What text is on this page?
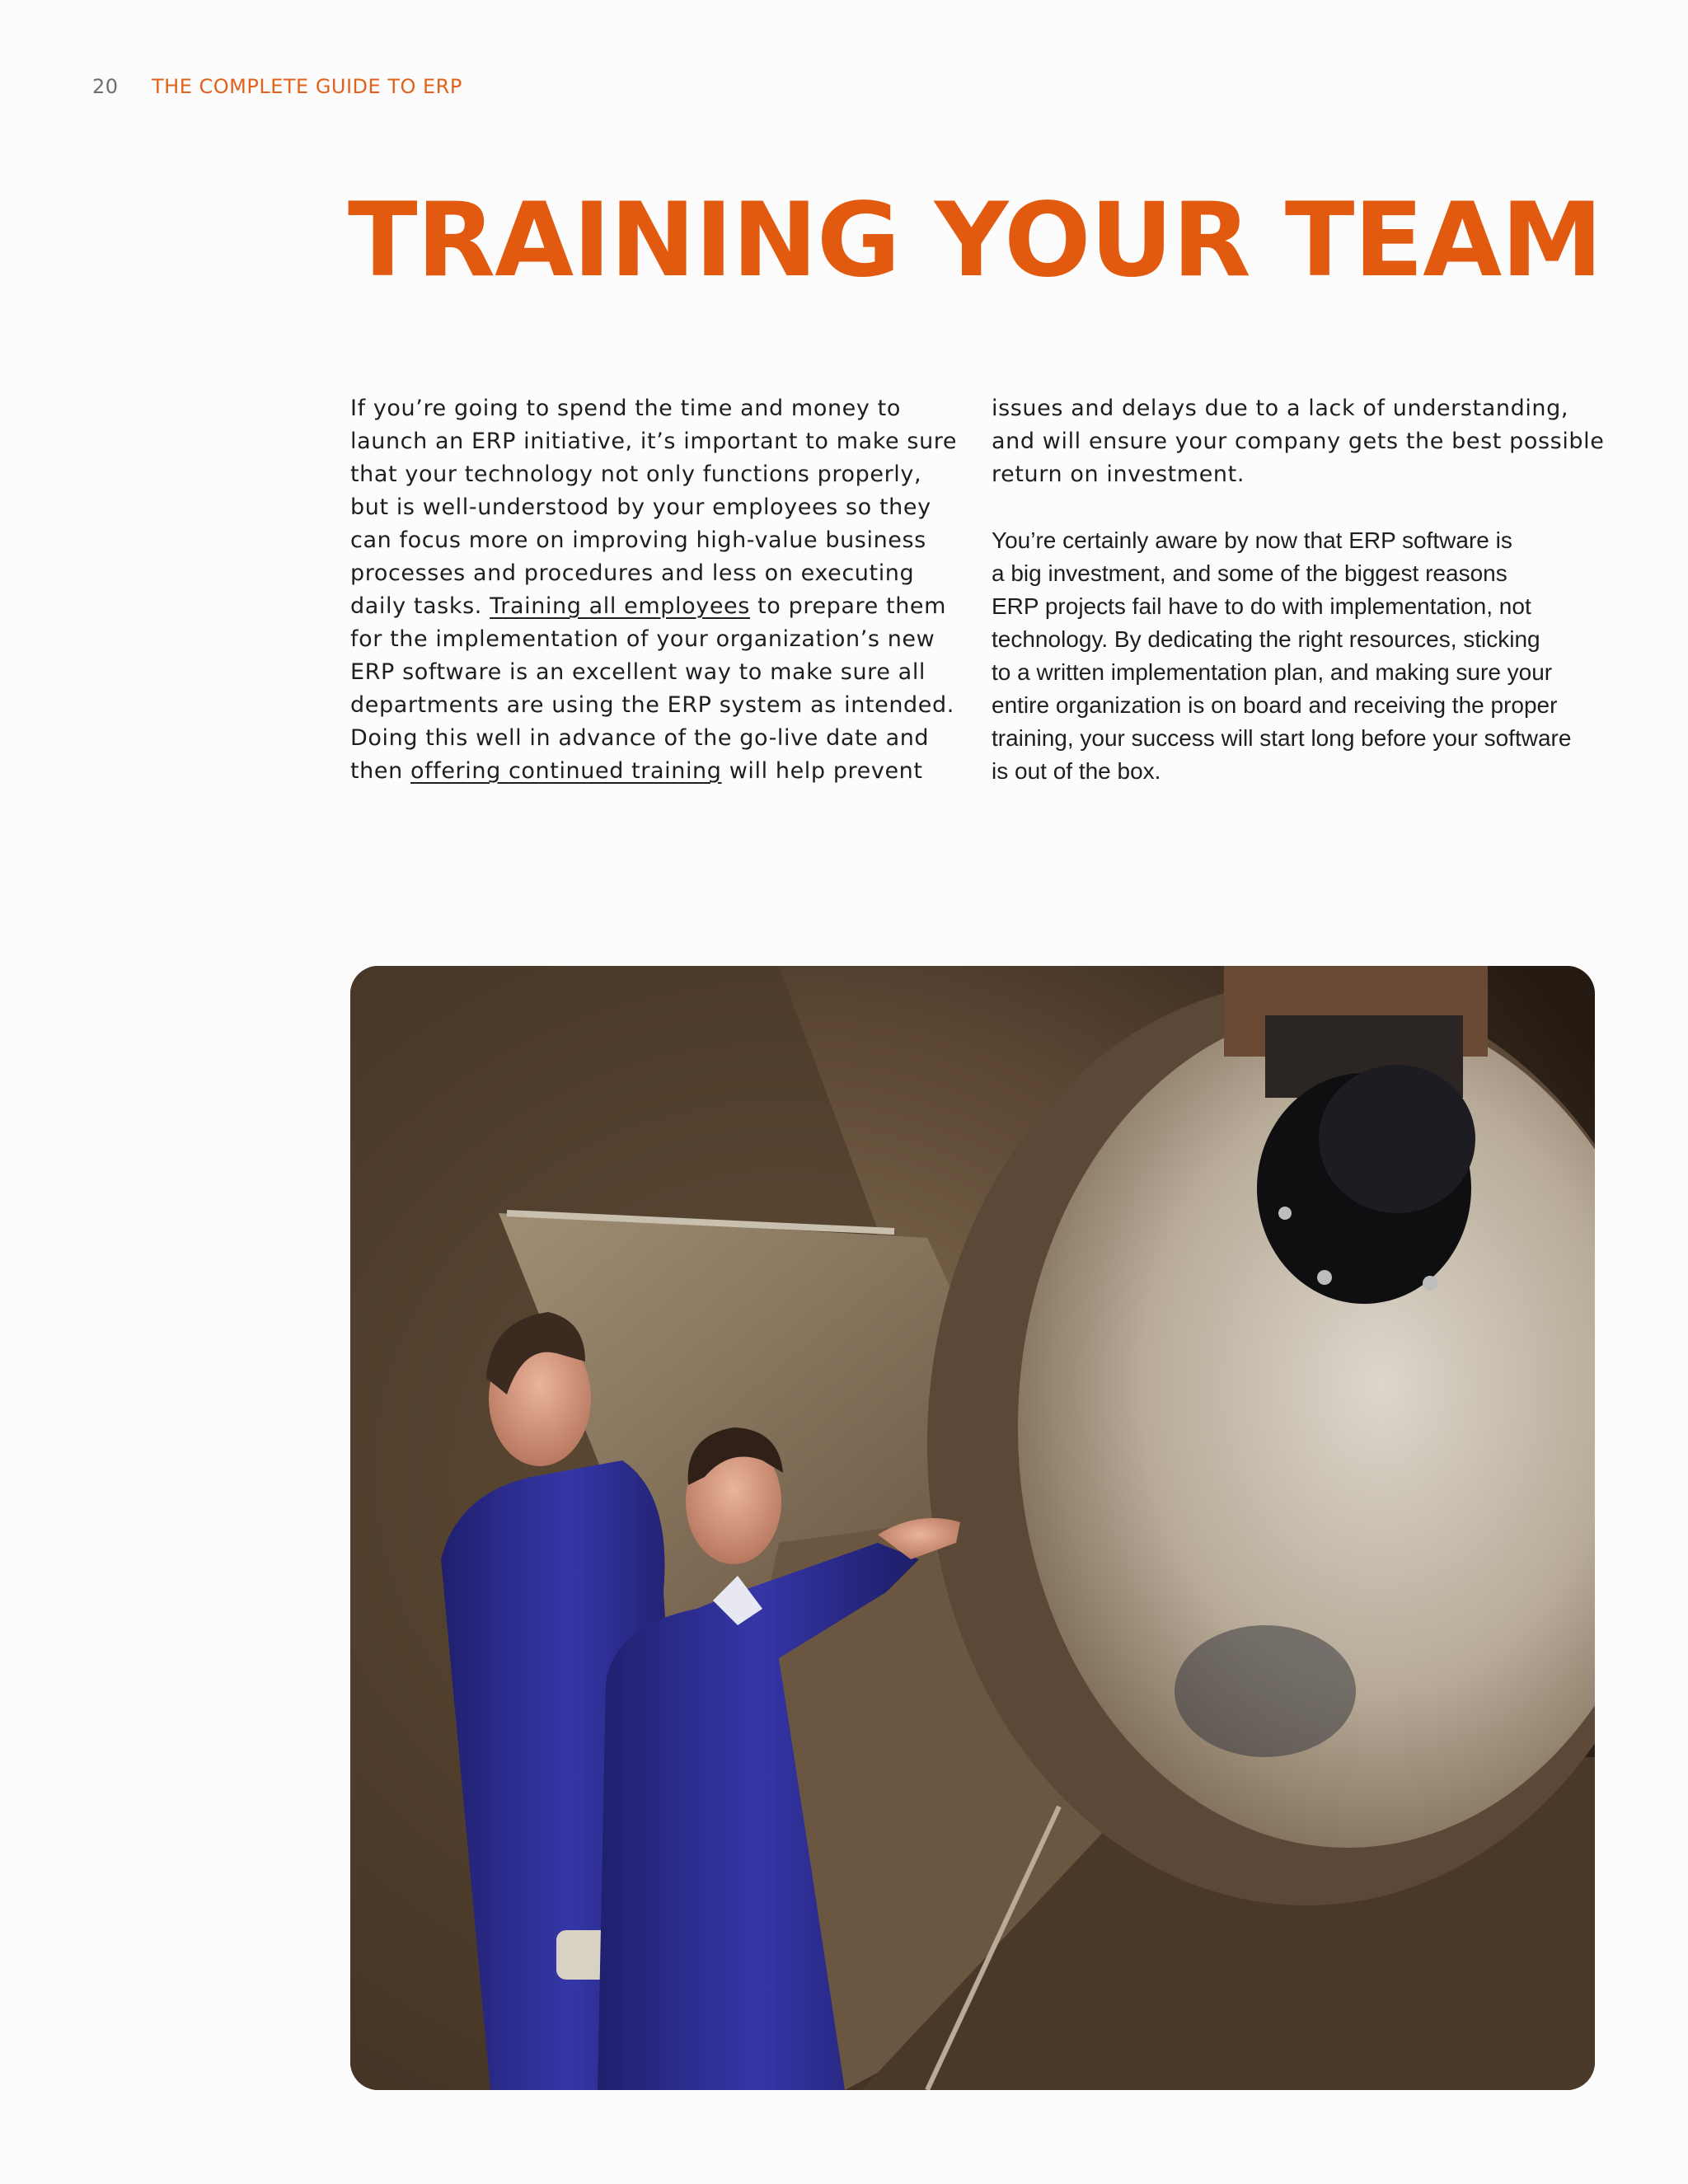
20	THE COMPLETE GUIDE TO ERP
TRAINING YOUR TEAM

If you’re going to spend the time and money to
launch an ERP initiative, it’s important to make sure
that your technology not only functions properly,
but is well-understood by your employees so they
can focus more on improving high-value business
processes and procedures and less on executing
daily tasks. Training all employees to prepare them
for the implementation of your organization’s new
ERP software is an excellent way to make sure all
departments are using the ERP system as intended.
Doing this well in advance of the go-live date and
then offering continued training will help prevent

issues and delays due to a lack of understanding,
and will ensure your company gets the best possible
return on investment.

You’re certainly aware by now that ERP software is
a big investment, and some of the biggest reasons
ERP projects fail have to do with implementation, not
technology. By dedicating the right resources, sticking
to a written implementation plan, and making sure your
entire organization is on board and receiving the proper
training, your success will start long before your software
is out of the box.
